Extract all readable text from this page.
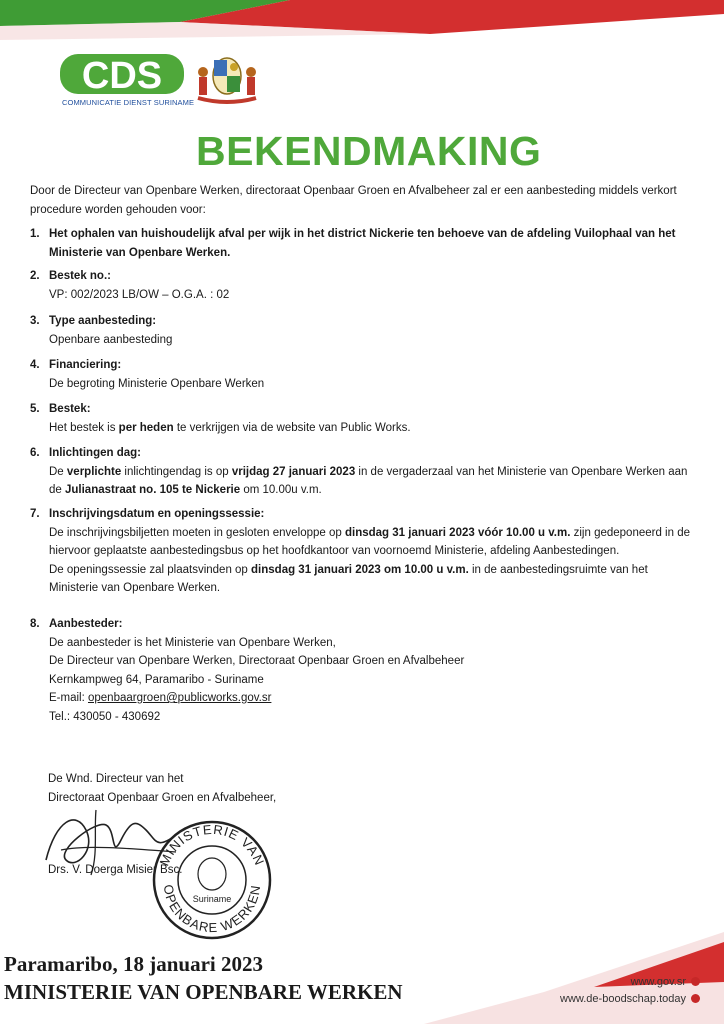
CDS
COMMUNICATIE DIENST SURINAME
BEKENDMAKING
Door de Directeur van Openbare Werken, directoraat Openbaar Groen en Afvalbeheer zal er een aanbesteding middels verkort procedure worden gehouden voor:
1. Het ophalen van huishoudelijk afval per wijk in het district Nickerie ten behoeve van de afdeling Vuilophaal van het Ministerie van Openbare Werken.
2. Bestek no.:
VP: 002/2023 LB/OW – O.G.A. : 02
3. Type aanbesteding:
Openbare aanbesteding
4. Financiering:
De begroting Ministerie Openbare Werken
5. Bestek:
Het bestek is per heden te verkrijgen via de website van Public Works.
6. Inlichtingen dag:
De verplichte inlichtingendag is op vrijdag 27 januari 2023 in de vergaderzaal van het Ministerie van Openbare Werken aan de Julianastraat no. 105 te Nickerie om 10.00u v.m.
7. Inschrijvingsdatum en openingssessie:
De inschrijvingsbiljetten moeten in gesloten enveloppe op dinsdag 31 januari 2023 vóór 10.00 u v.m. zijn gedeponeerd in de hiervoor geplaatste aanbestedingsbus op het hoofdkantoor van voornoemd Ministerie, afdeling Aanbestedingen.
De openingssessie zal plaatsvinden op dinsdag 31 januari 2023 om 10.00 u v.m. in de aanbestedingsruimte van het Ministerie van Openbare Werken.
8. Aanbesteder:
De aanbesteder is het Ministerie van Openbare Werken,
De Directeur van Openbare Werken, Directoraat Openbaar Groen en Afvalbeheer
Kernkampweg 64, Paramaribo - Suriname
E-mail: openbaargroen@publicworks.gov.sr
Tel.: 430050 - 430692
De Wnd. Directeur van het
Directoraat Openbaar Groen en Afvalbeheer,
Drs. V. Doerga Misier Bsc.
MINISTERIE VAN
OPENBARE WERKEN
Suriname
Paramaribo, 18 januari 2023
MINISTERIE VAN OPENBARE WERKEN	www.gov.sr
www.de-boodschap.today
